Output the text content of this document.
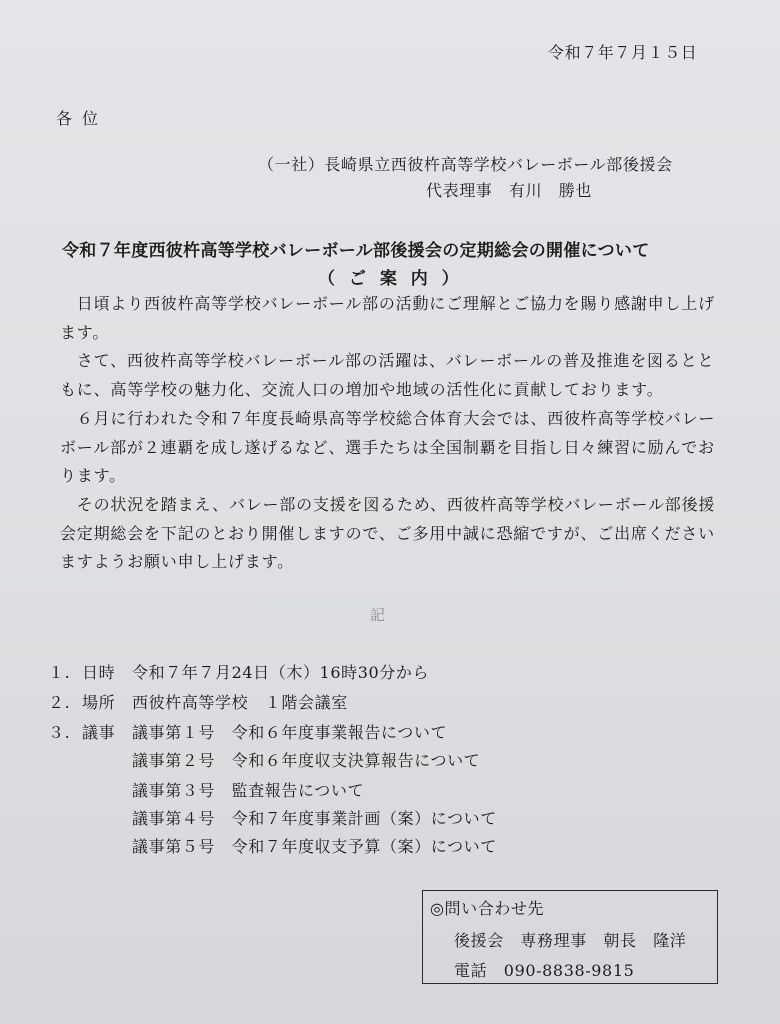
令和７年７月１５日
各位
（一社）長崎県立西彼杵高等学校バレーボール部後援会
代表理事　有川　勝也
令和７年度西彼杵高等学校バレーボール部後援会の定期総会の開催について
（ ご 案 内 ）
　日頃より西彼杵高等学校バレーボール部の活動にご理解とご協力を賜り感謝申し上げます。
　さて、西彼杵高等学校バレーボール部の活躍は、バレーボールの普及推進を図るとともに、高等学校の魅力化、交流人口の増加や地域の活性化に貢献しております。
　６月に行われた令和７年度長崎県高等学校総合体育大会では、西彼杵高等学校バレーボール部が２連覇を成し遂げるなど、選手たちは全国制覇を目指し日々練習に励んでおります。
　その状況を踏まえ、バレー部の支援を図るため、西彼杵高等学校バレーボール部後援会定期総会を下記のとおり開催しますので、ご多用中誠に恐縮ですが、ご出席くださいますようお願い申し上げます。
記
１. 日時 令和７年７月24日（木）16時30分から
２. 場所 西彼杵高等学校　１階会議室
３. 議事 議事第１号　令和６年度事業報告について
議事第２号　令和６年度収支決算報告について
議事第３号　監査報告について
議事第４号　令和７年度事業計画（案）について
議事第５号　令和７年度収支予算（案）について
◎問い合わせ先
後援会　専務理事　朝長　隆洋
電話　090-8838-9815
